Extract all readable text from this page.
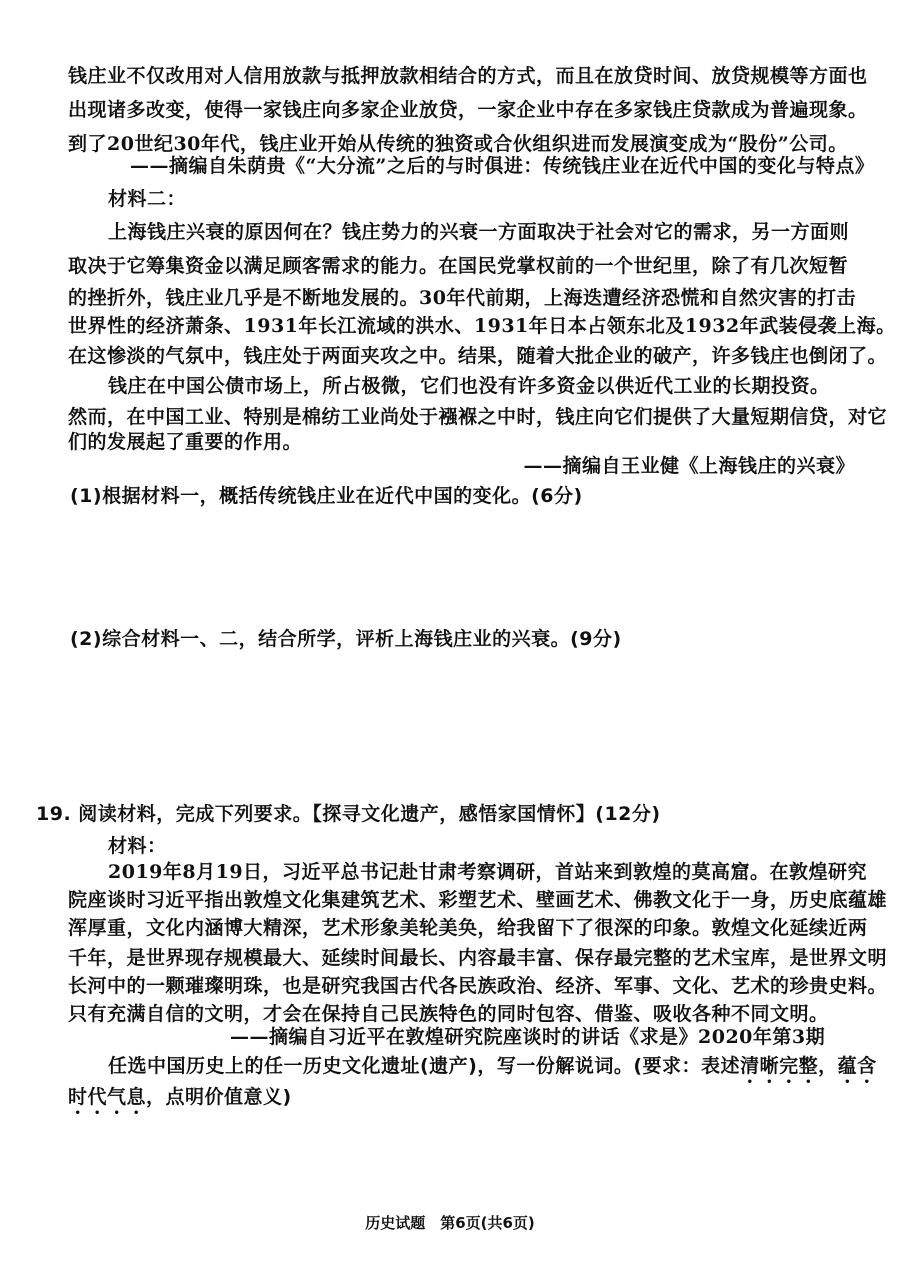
钱庄业不仅改用对人信用放款与抵押放款相结合的方式，而且在放贷时间、放贷规模等方面也
出现诸多改变，使得一家钱庄向多家企业放贷，一家企业中存在多家钱庄贷款成为普遍现象。
到了20世纪30年代，钱庄业开始从传统的独资或合伙组织进而发展演变成为“股份”公司。
——摘编自朱荫贵《“大分流”之后的与时俱进：传统钱庄业在近代中国的变化与特点》
材料二：
上海钱庄兴衰的原因何在？钱庄势力的兴衰一方面取决于社会对它的需求，另一方面则
取决于它筹集资金以满足顾客需求的能力。在国民党掌权前的一个世纪里，除了有几次短暂
的挫折外，钱庄业几乎是不断地发展的。30年代前期，上海迭遭经济恐慌和自然灾害的打击
世界性的经济萧条、1931年长江流域的洪水、1931年日本占领东北及1932年武装侵袭上海。
在这惨淡的气氛中，钱庄处于两面夹攻之中。结果，随着大批企业的破产，许多钱庄也倒闭了。
钱庄在中国公债市场上，所占极微，它们也没有许多资金以供近代工业的长期投资。
然而，在中国工业、特别是棉纺工业尚处于襁褓之中时，钱庄向它们提供了大量短期信贷，对它
们的发展起了重要的作用。
——摘编自王业健《上海钱庄的兴衰》
(1)根据材料一，概括传统钱庄业在近代中国的变化。(6分)
(2)综合材料一、二，结合所学，评析上海钱庄业的兴衰。(9分)
19. 阅读材料，完成下列要求。【探寻文化遗产，感悟家国情怀】(12分)
材料：
2019年8月19日，习近平总书记赴甘肃考察调研，首站来到敦煌的莫高窟。在敦煌研究
院座谈时习近平指出敦煌文化集建筑艺术、彩塑艺术、壁画艺术、佛教文化于一身，历史底蕴雄
浑厚重，文化内涵博大精深，艺术形象美轮美奂，给我留下了很深的印象。敦煌文化延续近两
千年，是世界现存规模最大、延续时间最长、内容最丰富、保存最完整的艺术宝库，是世界文明
长河中的一颗璀璨明珠，也是研究我国古代各民族政治、经济、军事、文化、艺术的珍贵史料。
只有充满自信的文明，才会在保持自己民族特色的同时包容、借鉴、吸收各种不同文明。
——摘编自习近平在敦煌研究院座谈时的讲话《求是》2020年第3期
任选中国历史上的任一历史文化遗址(遗产)，写一份解说词。(要求：表述清晰完整，蕴含
时代气息，点明价值意义)
历史试题　第6页(共6页)
